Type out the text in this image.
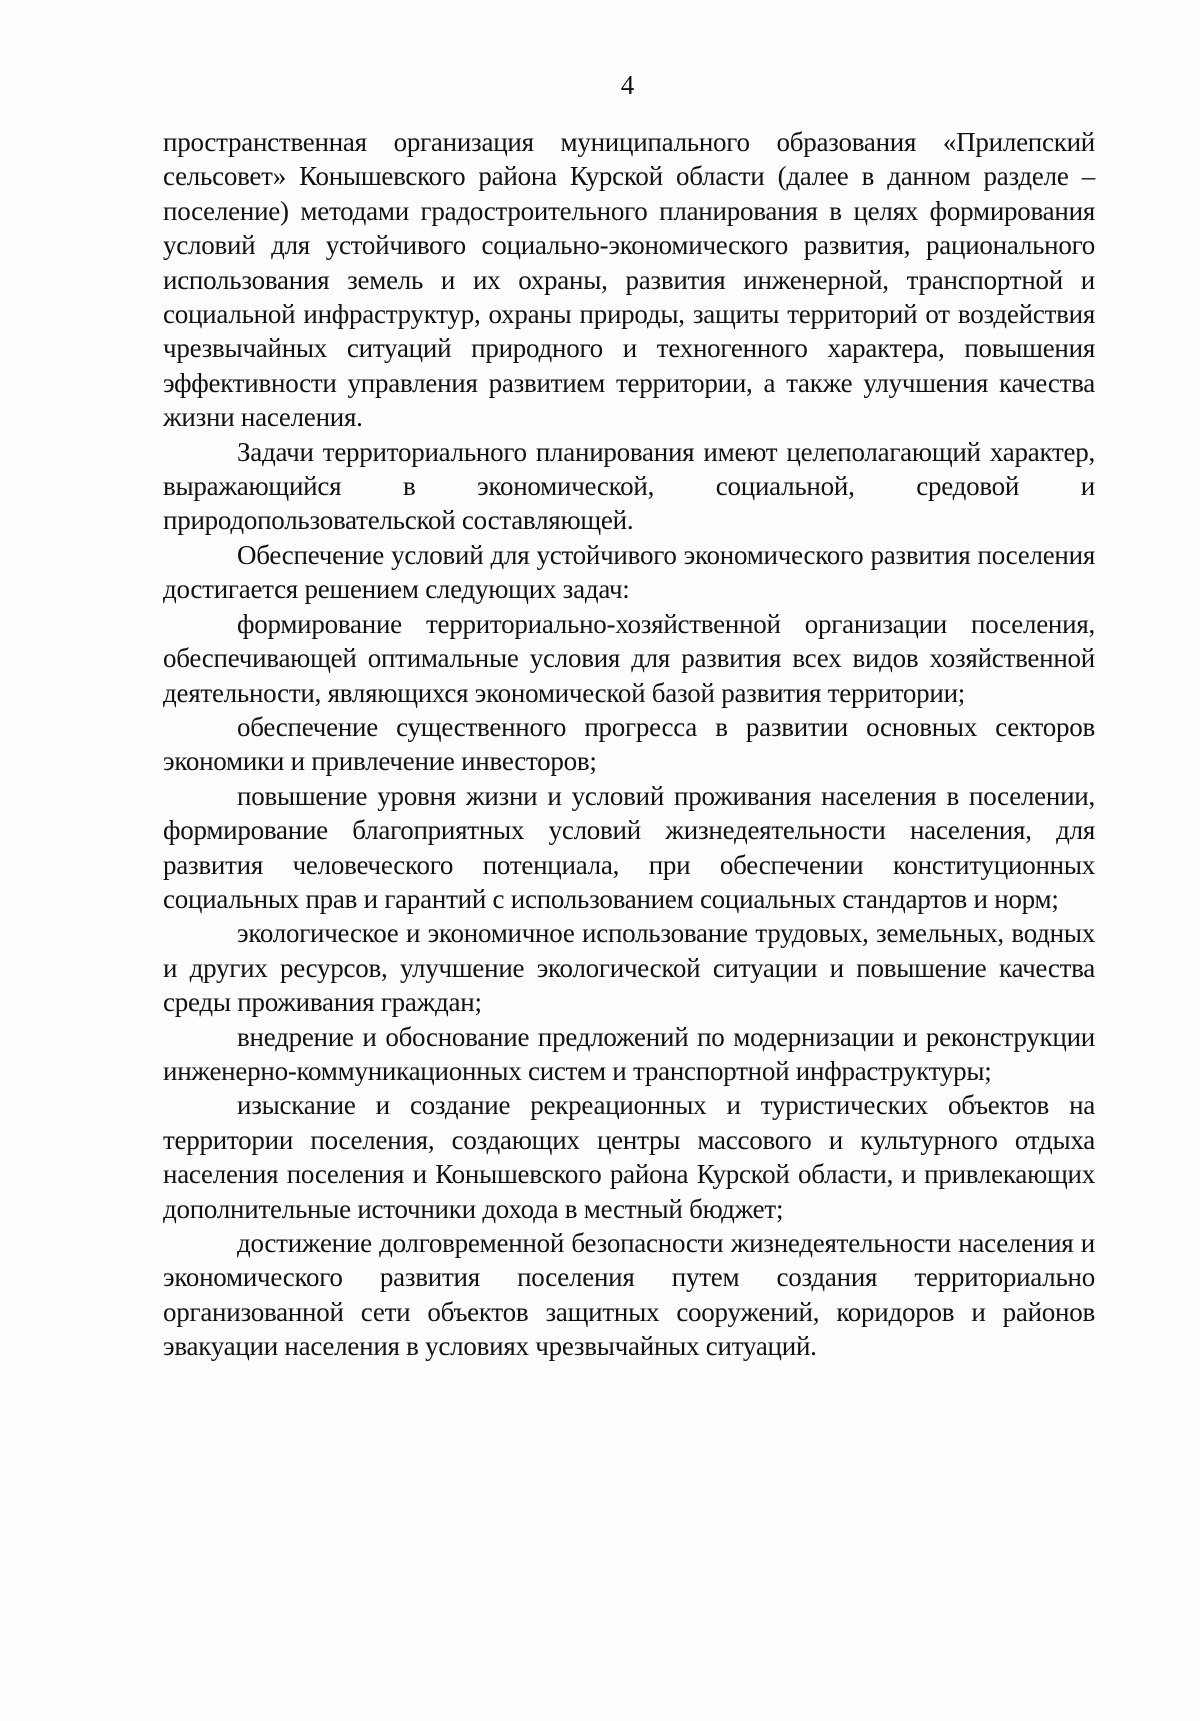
4

пространственная организация муниципального образования «Прилепский сельсовет» Конышевского района Курской области (далее в данном разделе – поселение) методами градостроительного планирования в целях формирования условий для устойчивого социально-экономического развития, рационального использования земель и их охраны, развития инженерной, транспортной и социальной инфраструктур, охраны природы, защиты территорий от воздействия чрезвычайных ситуаций природного и техногенного характера, повышения эффективности управления развитием территории, а также улучшения качества жизни населения.

Задачи территориального планирования имеют целеполагающий характер, выражающийся в экономической, социальной, средовой и природопользовательской составляющей.

Обеспечение условий для устойчивого экономического развития поселения достигается решением следующих задач:

формирование территориально-хозяйственной организации поселения, обеспечивающей оптимальные условия для развития всех видов хозяйственной деятельности, являющихся экономической базой развития территории;

обеспечение существенного прогресса в развитии основных секторов экономики и привлечение инвесторов;

повышение уровня жизни и условий проживания населения в поселении, формирование благоприятных условий жизнедеятельности населения, для развития человеческого потенциала, при обеспечении конституционных социальных прав и гарантий с использованием социальных стандартов и норм;

экологическое и экономичное использование трудовых, земельных, водных и других ресурсов, улучшение экологической ситуации и повышение качества среды проживания граждан;

внедрение и обоснование предложений по модернизации и реконструкции инженерно-коммуникационных систем и транспортной инфраструктуры;

изыскание и создание рекреационных и туристических объектов на территории поселения, создающих центры массового и культурного отдыха населения поселения и Конышевского района Курской области, и привлекающих дополнительные источники дохода в местный бюджет;

достижение долговременной безопасности жизнедеятельности населения и экономического развития поселения путем создания территориально организованной сети объектов защитных сооружений, коридоров и районов эвакуации населения в условиях чрезвычайных ситуаций.
